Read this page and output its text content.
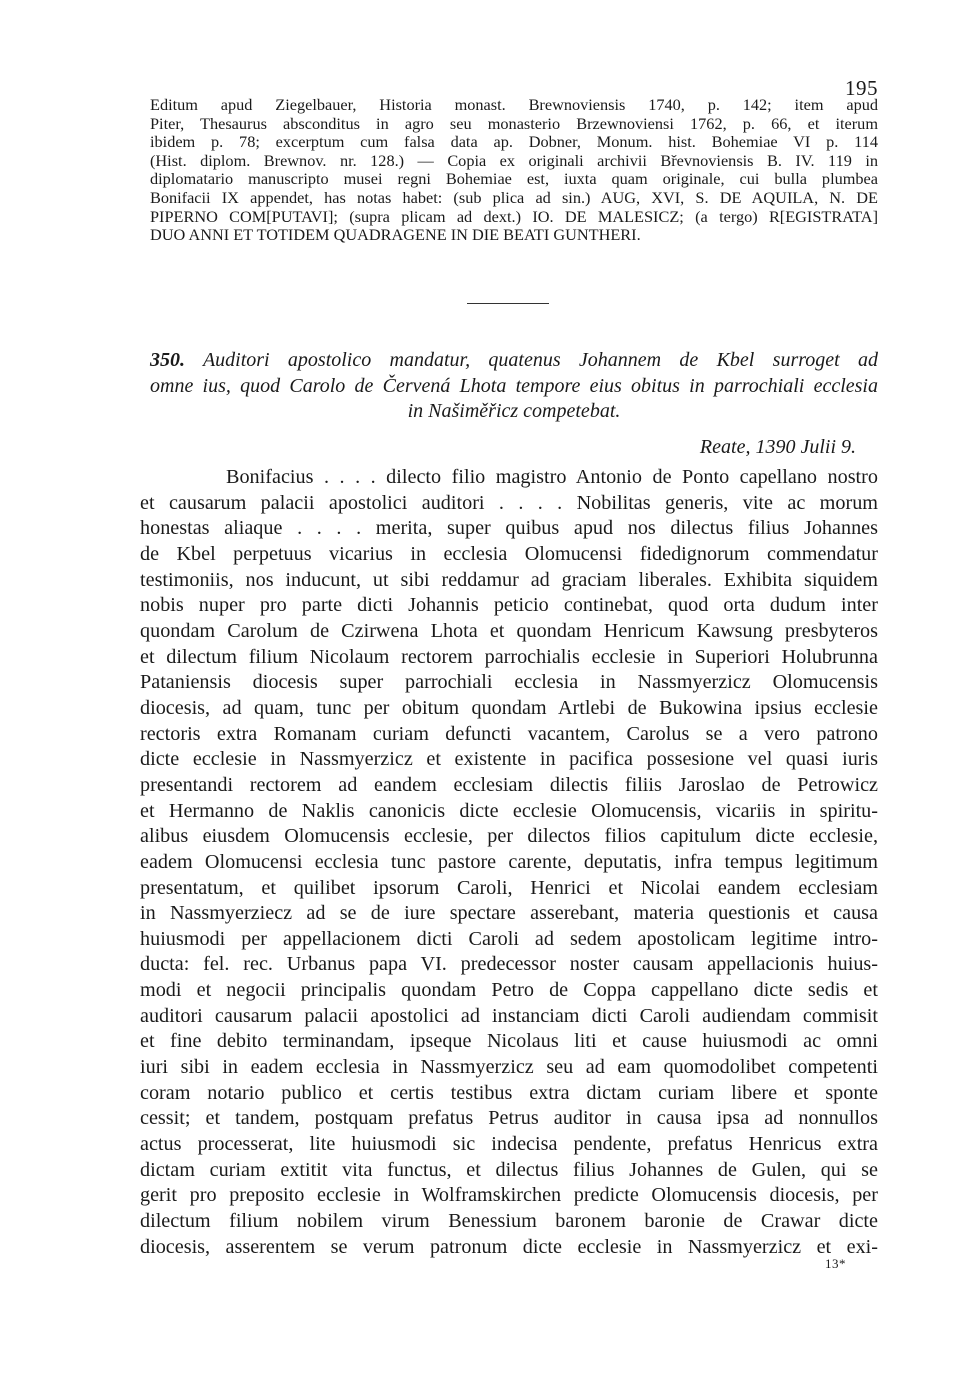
195
Editum apud Ziegelbauer, Historia monast. Brewnoviensis 1740, p. 142; item apud
Piter, Thesaurus absconditus in agro seu monasterio Brzewnoviensi 1762, p. 66, et iterum
ibidem p. 78; excerptum cum falsa data ap. Dobner, Monum. hist. Bohemiae VI p. 114
(Hist. diplom. Brewnov. nr. 128.) — Copia ex originali archivii Břevnoviensis B. IV. 119 in
diplomatario manuscripto musei regni Bohemiae est, iuxta quam originale, cui bulla plumbea
Bonifacii IX appendet, has notas habet: (sub plica ad sin.) AUG, XVI, S. DE AQUILA, N. DE
PIPERNO COM[PUTAVI]; (supra plicam ad dext.) IO. DE MALESICZ; (a tergo) R[EGISTRATA]
DUO ANNI ET TOTIDEM QUADRAGENE IN DIE BEATI GUNTHERI.
350. Auditori apostolico mandatur, quatenus Johannem de Kbel surroget ad
omne ius, quod Carolo de Červená Lhota tempore eius obitus in parrochiali ecclesia
in Našiměřicz competebat.
Reate, 1390 Julii 9.
Bonifacius . . . . dilecto filio magistro Antonio de Ponto capellano nostro
et causarum palacii apostolici auditori . . . . Nobilitas generis, vite ac morum
honestas aliaque . . . . merita, super quibus apud nos dilectus filius Johannes
de Kbel perpetuus vicarius in ecclesia Olomucensi fidedignorum commendatur
testimoniis, nos inducunt, ut sibi reddamur ad graciam liberales. Exhibita siquidem
nobis nuper pro parte dicti Johannis peticio continebat, quod orta dudum inter
quondam Carolum de Czirwena Lhota et quondam Henricum Kawsung presbyteros
et dilectum filium Nicolaum rectorem parrochialis ecclesie in Superiori Holubrunna
Pataniensis diocesis super parrochiali ecclesia in Nassmyerzicz Olomucensis
diocesis, ad quam, tunc per obitum quondam Artlebi de Bukowina ipsius ecclesie
rectoris extra Romanam curiam defuncti vacantem, Carolus se a vero patrono
dicte ecclesie in Nassmyerzicz et existente in pacifica possesione vel quasi iuris
presentandi rectorem ad eandem ecclesiam dilectis filiis Jaroslao de Petrowicz
et Hermanno de Naklis canonicis dicte ecclesie Olomucensis, vicariis in spiritu-
alibus eiusdem Olomucensis ecclesie, per dilectos filios capitulum dicte ecclesie,
eadem Olomucensi ecclesia tunc pastore carente, deputatis, infra tempus legitimum
presentatum, et quilibet ipsorum Caroli, Henrici et Nicolai eandem ecclesiam
in Nassmyerziecz ad se de iure spectare asserebant, materia questionis et causa
huiusmodi per appellacionem dicti Caroli ad sedem apostolicam legitime intro-
ducta: fel. rec. Urbanus papa VI. predecessor noster causam appellacionis huius-
modi et negocii principalis quondam Petro de Coppa cappellano dicte sedis et
auditori causarum palacii apostolici ad instanciam dicti Caroli audiendam commisit
et fine debito terminandam, ipseque Nicolaus liti et cause huiusmodi ac omni
iuri sibi in eadem ecclesia in Nassmyerzicz seu ad eam quomodolibet competenti
coram notario publico et certis testibus extra dictam curiam libere et sponte
cessit; et tandem, postquam prefatus Petrus auditor in causa ipsa ad nonnullos
actus processerat, lite huiusmodi sic indecisa pendente, prefatus Henricus extra
dictam curiam extitit vita functus, et dilectus filius Johannes de Gulen, qui se
gerit pro preposito ecclesie in Wolframskirchen predicte Olomucensis diocesis, per
dilectum filium nobilem virum Benessium baronem baronie de Crawar dicte
diocesis, asserentem se verum patronum dicte ecclesie in Nassmyerzicz et exi-
13*
